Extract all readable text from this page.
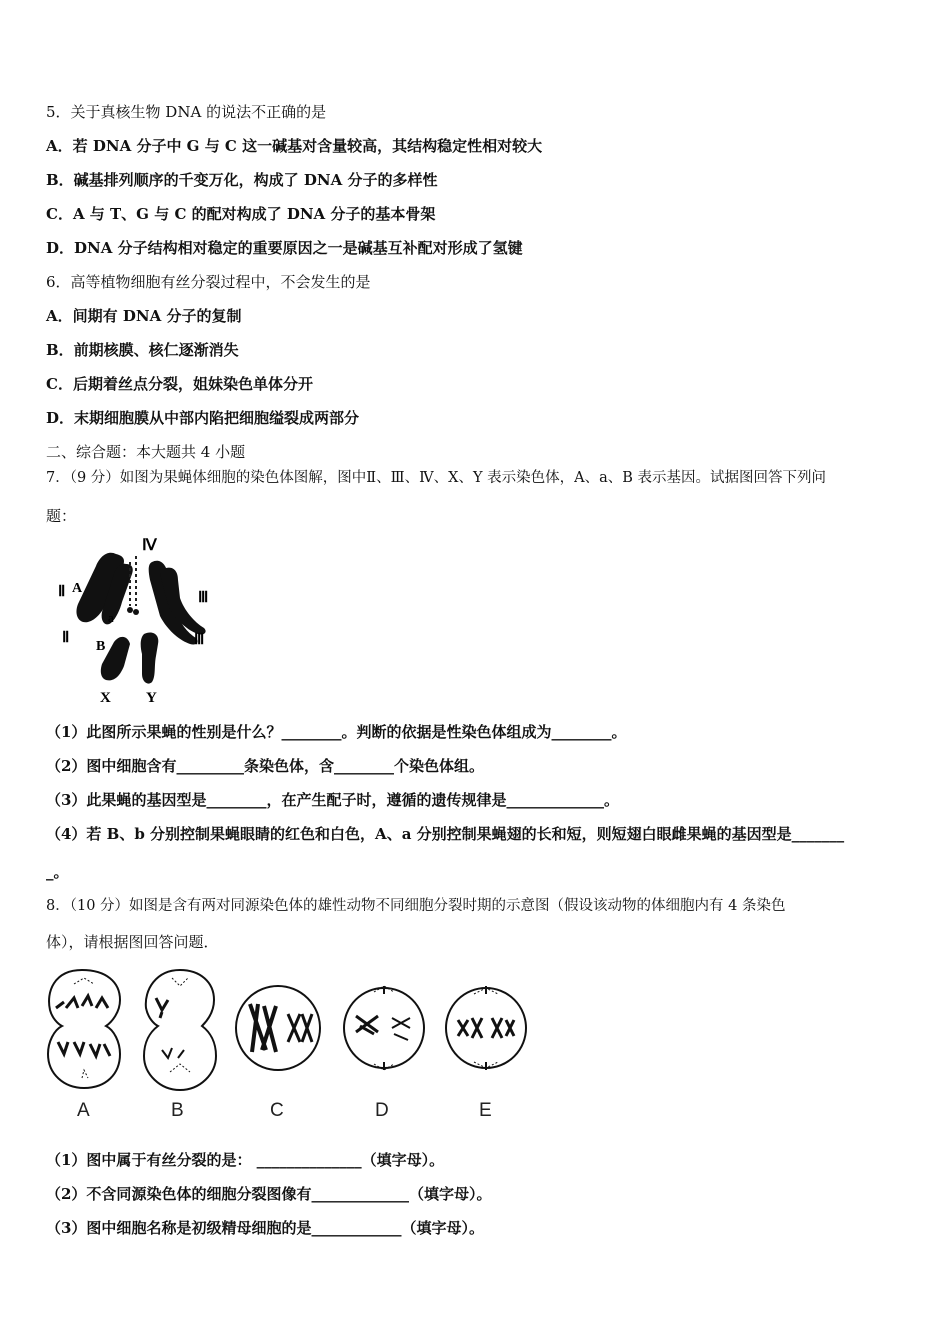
5．关于真核生物 DNA 的说法不正确的是
A．若 DNA 分子中 G 与 C 这一碱基对含量较高，其结构稳定性相对较大
B．碱基排列顺序的千变万化，构成了 DNA 分子的多样性
C．A 与 T、G 与 C 的配对构成了 DNA 分子的基本骨架
D．DNA 分子结构相对稳定的重要原因之一是碱基互补配对形成了氢键
6．高等植物细胞有丝分裂过程中，不会发生的是
A．间期有 DNA 分子的复制
B．前期核膜、核仁逐渐消失
C．后期着丝点分裂，姐妹染色单体分开
D．末期细胞膜从中部内陷把细胞缢裂成两部分
二、综合题：本大题共 4 小题
7．（9 分）如图为果蝇体细胞的染色体图解，图中Ⅱ、Ⅲ、Ⅳ、X、Y 表示染色体，A、a、B 表示基因。试据图回答下列问
题：
Ⅳ
Ⅱ A
Ⅱ
a
B
Ⅲ
Ⅲ
X Y
（1）此图所示果蝇的性别是什么？________。判断的依据是性染色体组成为________。
（2）图中细胞含有_________条染色体，含________个染色体组。
（3）此果蝇的基因型是________，在产生配子时，遵循的遗传规律是_____________。
（4）若 B、b 分别控制果蝇眼睛的红色和白色，A、a 分别控制果蝇翅的长和短，则短翅白眼雌果蝇的基因型是_______
_。
8．（10 分）如图是含有两对同源染色体的雄性动物不同细胞分裂时期的示意图（假设该动物的体细胞内有 4 条染色
体），请根据图回答问题．
A	B	C	D	E
（1）图中属于有丝分裂的是： ______________（填字母）。
（2）不含同源染色体的细胞分裂图像有_____________（填字母）。
（3）图中细胞名称是初级精母细胞的是____________（填字母）。
